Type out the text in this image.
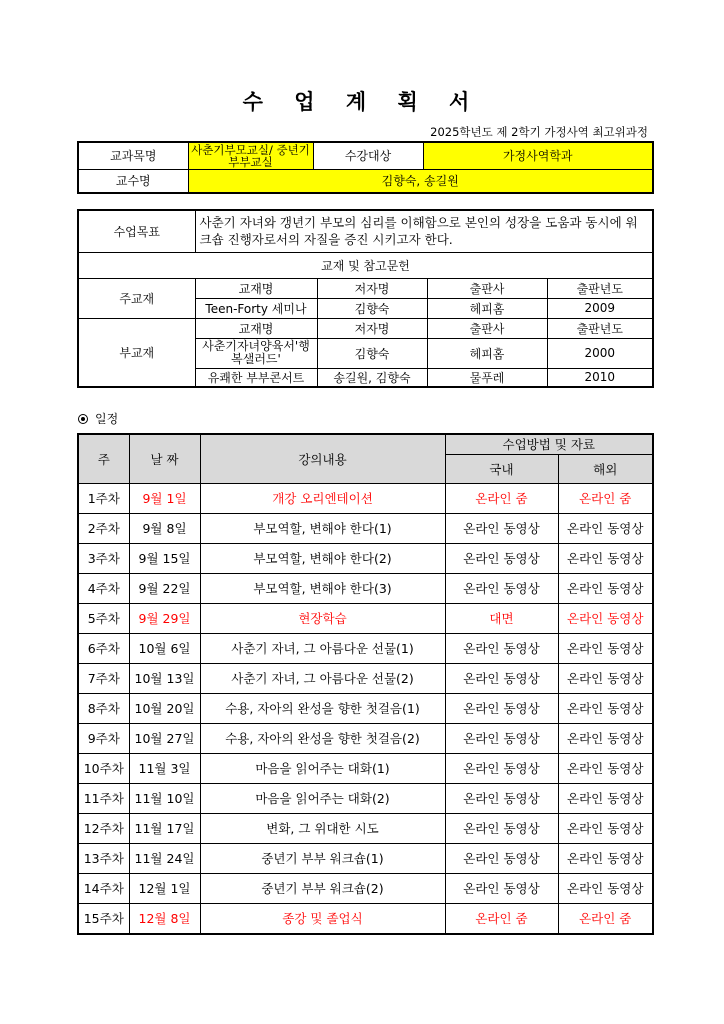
수 업 계 획 서
2025학년도 제 2학기 가정사역 최고위과정
교과목명	사춘기부모교실/ 중년기부부교실	수강대상	가정사역학과
교수명	김향숙, 송길원		
수업목표	사춘기 자녀와 갱년기 부모의 심리를 이해함으로 본인의 성장을 도움과 동시에 워크숍 진행자로서의 자질을 증진 시키고자 한다.			
교재 및 참고문헌				
주교재	교재명	저자명	출판사	출판년도
	Teen-Forty 세미나	김향숙	헤피홈	2009
부교재	교재명	저자명	출판사	출판년도
	사춘기자녀양육서'행복샐러드'	김향숙	헤피홈	2000
	유쾌한 부부콘서트	송길원, 김향숙	물푸레	2010
일정
주	날 짜	강의내용	수업방법 및 자료	
			국내	해외
1주차	9월 1일	개강 오리엔테이션	온라인 줌	온라인 줌
2주차	9월 8일	부모역할, 변해야 한다(1)	온라인 동영상	온라인 동영상
3주차	9월 15일	부모역할, 변해야 한다(2)	온라인 동영상	온라인 동영상
4주차	9월 22일	부모역할, 변해야 한다(3)	온라인 동영상	온라인 동영상
5주차	9월 29일	현장학습	대면	온라인 동영상
6주차	10월 6일	사춘기 자녀, 그 아름다운 선물(1)	온라인 동영상	온라인 동영상
7주차	10월 13일	사춘기 자녀, 그 아름다운 선물(2)	온라인 동영상	온라인 동영상
8주차	10월 20일	수용, 자아의 완성을 향한 첫걸음(1)	온라인 동영상	온라인 동영상
9주차	10월 27일	수용, 자아의 완성을 향한 첫걸음(2)	온라인 동영상	온라인 동영상
10주차	11월 3일	마음을 읽어주는 대화(1)	온라인 동영상	온라인 동영상
11주차	11월 10일	마음을 읽어주는 대화(2)	온라인 동영상	온라인 동영상
12주차	11월 17일	변화, 그 위대한 시도	온라인 동영상	온라인 동영상
13주차	11월 24일	중년기 부부 워크숍(1)	온라인 동영상	온라인 동영상
14주차	12월 1일	중년기 부부 워크숍(2)	온라인 동영상	온라인 동영상
15주차	12월 8일	종강 및 졸업식	온라인 줌	온라인 줌
